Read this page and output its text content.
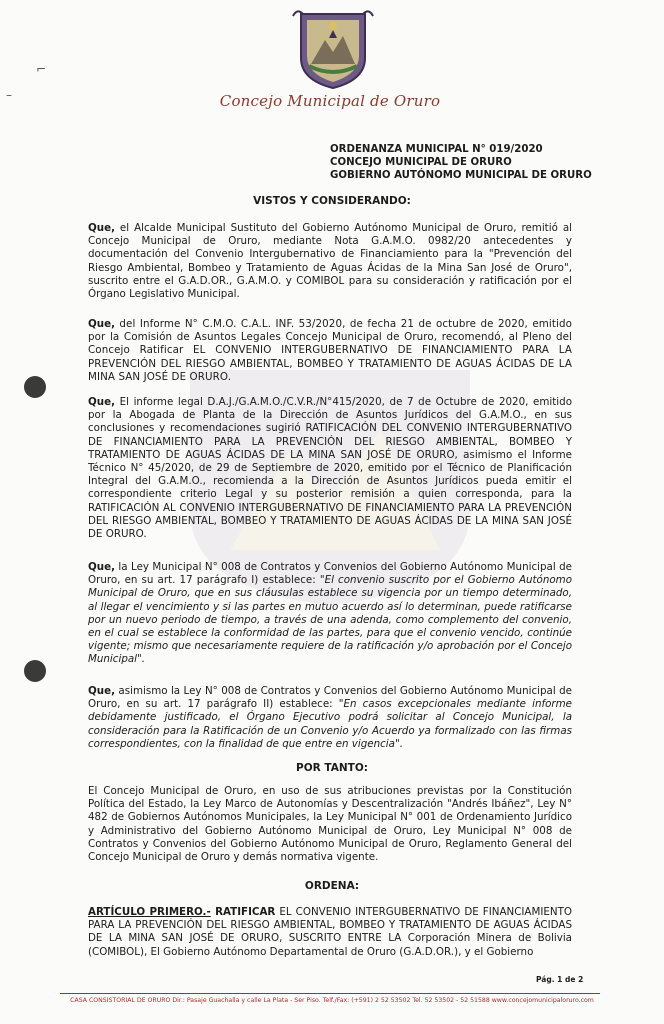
Concejo Municipal de Oruro
⌐
–
ORDENANZA MUNICIPAL N° 019/2020
CONCEJO MUNICIPAL DE ORURO
GOBIERNO AUTÓNOMO MUNICIPAL DE ORURO
VISTOS Y CONSIDERANDO:

Que, el Alcalde Municipal Sustituto del Gobierno Autónomo Municipal de Oruro, remitió al Concejo Municipal de Oruro, mediante Nota G.A.M.O. 0982/20 antecedentes y documentación del Convenio Intergubernativo de Financiamiento para la "Prevención del Riesgo Ambiental, Bombeo y Tratamiento de Aguas Ácidas de la Mina San José de Oruro", suscrito entre el G.A.D.OR., G.A.M.O. y COMIBOL para su consideración y ratificación por el Órgano Legislativo Municipal.

Que, del Informe N° C.M.O. C.A.L. INF. 53/2020, de fecha 21 de octubre de 2020, emitido por la Comisión de Asuntos Legales Concejo Municipal de Oruro, recomendó, al Pleno del Concejo Ratificar EL CONVENIO INTERGUBERNATIVO DE FINANCIAMIENTO PARA LA PREVENCIÓN DEL RIESGO AMBIENTAL, BOMBEO Y TRATAMIENTO DE AGUAS ÁCIDAS DE LA MINA SAN JOSÉ DE ORURO.

Que, El informe legal D.A.J./G.A.M.O./C.V.R./N°415/2020, de 7 de Octubre de 2020, emitido por la Abogada de Planta de la Dirección de Asuntos Jurídicos del G.A.M.O., en sus conclusiones y recomendaciones sugirió RATIFICACIÓN DEL CONVENIO INTERGUBERNATIVO DE FINANCIAMIENTO PARA LA PREVENCIÓN DEL RIESGO AMBIENTAL, BOMBEO Y TRATAMIENTO DE AGUAS ÁCIDAS DE LA MINA SAN JOSÉ DE ORURO, asimismo el Informe Técnico N° 45/2020, de 29 de Septiembre de 2020, emitido por el Técnico de Planificación Integral del G.A.M.O., recomienda a la Dirección de Asuntos Jurídicos pueda emitir el correspondiente criterio Legal y su posterior remisión a quien corresponda, para la RATIFICACIÓN AL CONVENIO INTERGUBERNATIVO DE FINANCIAMIENTO PARA LA PREVENCIÓN DEL RIESGO AMBIENTAL, BOMBEO Y TRATAMIENTO DE AGUAS ÁCIDAS DE LA MINA SAN JOSÉ DE ORURO.

Que, la Ley Municipal N° 008 de Contratos y Convenios del Gobierno Autónomo Municipal de Oruro, en su art. 17 parágrafo I) establece: "El convenio suscrito por el Gobierno Autónomo Municipal de Oruro, que en sus cláusulas establece su vigencia por un tiempo determinado, al llegar el vencimiento y si las partes en mutuo acuerdo así lo determinan, puede ratificarse por un nuevo periodo de tiempo, a través de una adenda, como complemento del convenio, en el cual se establece la conformidad de las partes, para que el convenio vencido, continúe vigente; mismo que necesariamente requiere de la ratificación y/o aprobación por el Concejo Municipal".

Que, asimismo la Ley N° 008 de Contratos y Convenios del Gobierno Autónomo Municipal de Oruro, en su art. 17 parágrafo II) establece: "En casos excepcionales mediante informe debidamente justificado, el Órgano Ejecutivo podrá solicitar al Concejo Municipal, la consideración para la Ratificación de un Convenio y/o Acuerdo ya formalizado con las firmas correspondientes, con la finalidad de que entre en vigencia".

POR TANTO:

El Concejo Municipal de Oruro, en uso de sus atribuciones previstas por la Constitución Política del Estado, la Ley Marco de Autonomías y Descentralización "Andrés Ibáñez", Ley N° 482 de Gobiernos Autónomos Municipales, la Ley Municipal N° 001 de Ordenamiento Jurídico y Administrativo del Gobierno Autónomo Municipal de Oruro, Ley Municipal N° 008 de Contratos y Convenios del Gobierno Autónomo Municipal de Oruro, Reglamento General del Concejo Municipal de Oruro y demás normativa vigente.

ORDENA:

ARTÍCULO PRIMERO.- RATIFICAR EL CONVENIO INTERGUBERNATIVO DE FINANCIAMIENTO PARA LA PREVENCIÓN DEL RIESGO AMBIENTAL, BOMBEO Y TRATAMIENTO DE AGUAS ÁCIDAS DE LA MINA SAN JOSÉ DE ORURO, SUSCRITO ENTRE LA Corporación Minera de Bolivia (COMIBOL), El Gobierno Autónomo Departamental de Oruro (G.A.D.OR.), y el Gobierno

Pág. 1 de 2
CASA CONSISTORIAL DE ORURO Dir.: Pasaje Guachalla y calle La Plata - Ser Piso. Telf./Fax: (+591) 2 52 53502 Tel. 52 53502 - 52 51588 www.concejomunicipaloruro.com
